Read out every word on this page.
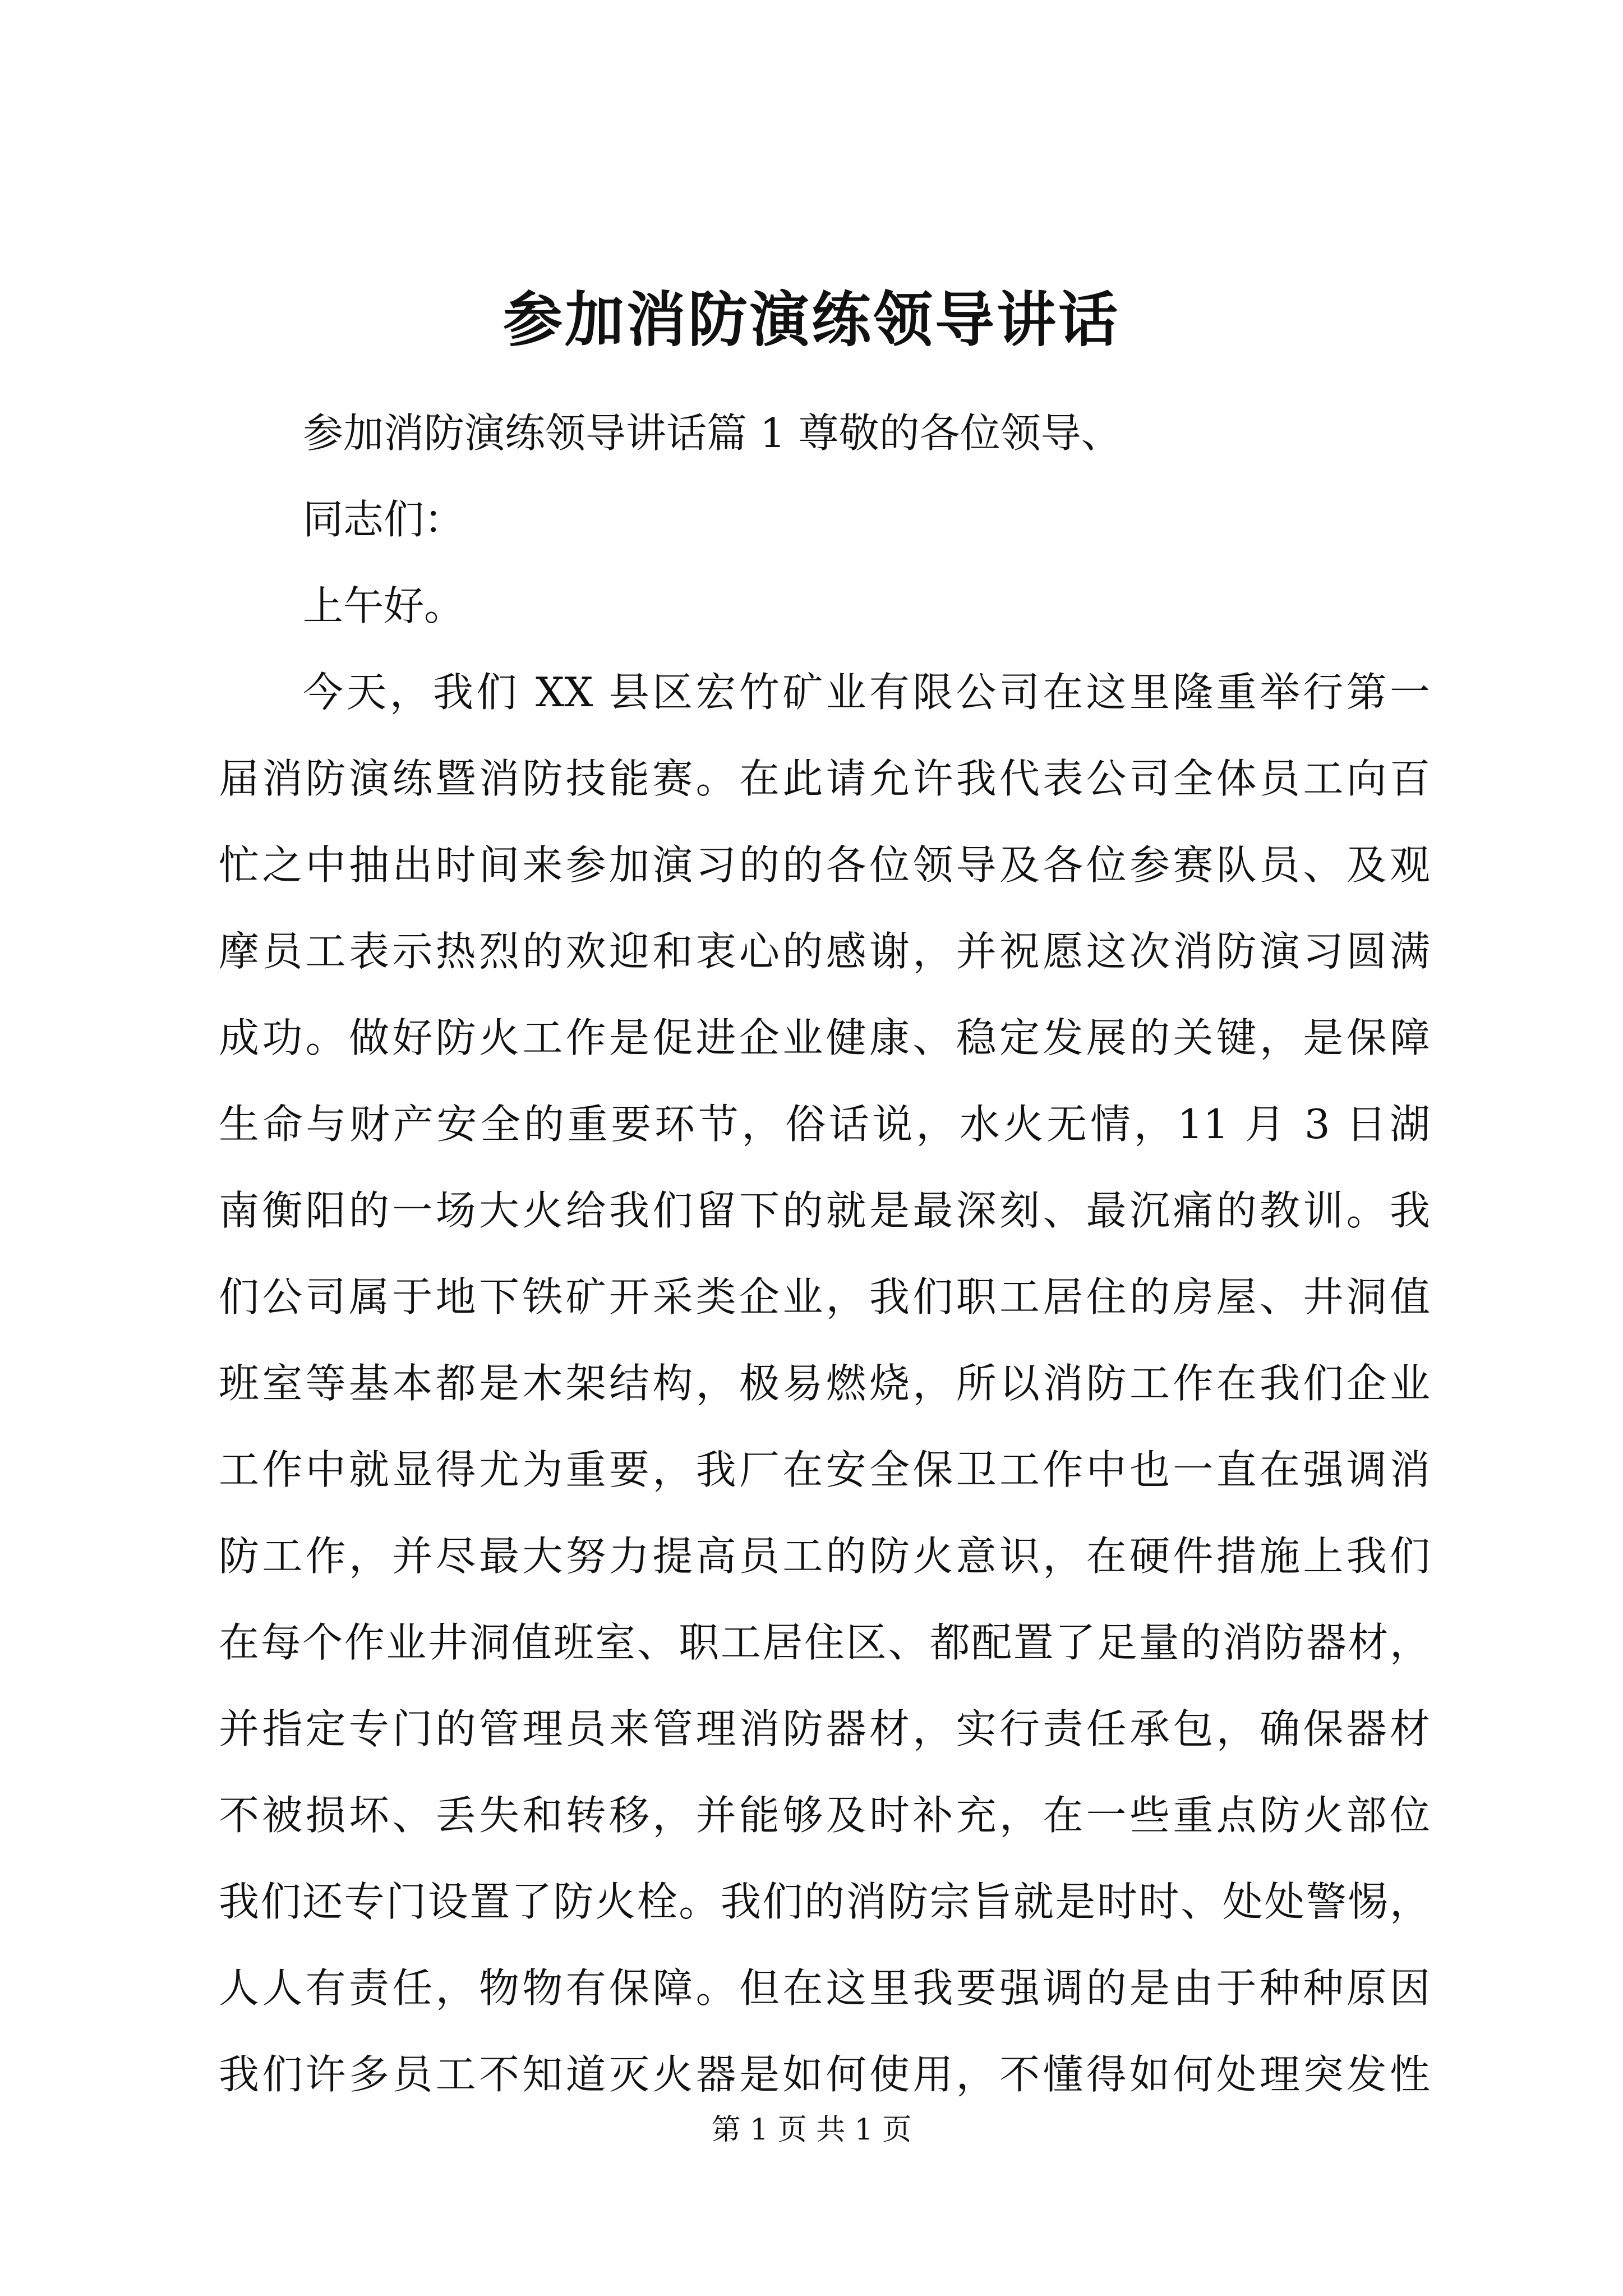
参加消防演练领导讲话
参加消防演练领导讲话篇 1 尊敬的各位领导、
同志们：
上午好。
今天，我们 XX 县区宏竹矿业有限公司在这里隆重举行第一
届消防演练暨消防技能赛。在此请允许我代表公司全体员工向百
忙之中抽出时间来参加演习的的各位领导及各位参赛队员、及观
摩员工表示热烈的欢迎和衷心的感谢，并祝愿这次消防演习圆满
成功。做好防火工作是促进企业健康、稳定发展的关键，是保障
生命与财产安全的重要环节，俗话说，水火无情，11 月 3 日湖
南衡阳的一场大火给我们留下的就是最深刻、最沉痛的教训。我
们公司属于地下铁矿开采类企业，我们职工居住的房屋、井洞值
班室等基本都是木架结构，极易燃烧，所以消防工作在我们企业
工作中就显得尤为重要，我厂在安全保卫工作中也一直在强调消
防工作，并尽最大努力提高员工的防火意识，在硬件措施上我们
在每个作业井洞值班室、职工居住区、都配置了足量的消防器材，
并指定专门的管理员来管理消防器材，实行责任承包，确保器材
不被损坏、丢失和转移，并能够及时补充，在一些重点防火部位
我们还专门设置了防火栓。我们的消防宗旨就是时时、处处警惕，
人人有责任，物物有保障。但在这里我要强调的是由于种种原因
我们许多员工不知道灭火器是如何使用，不懂得如何处理突发性
第 1 页 共 1 页
